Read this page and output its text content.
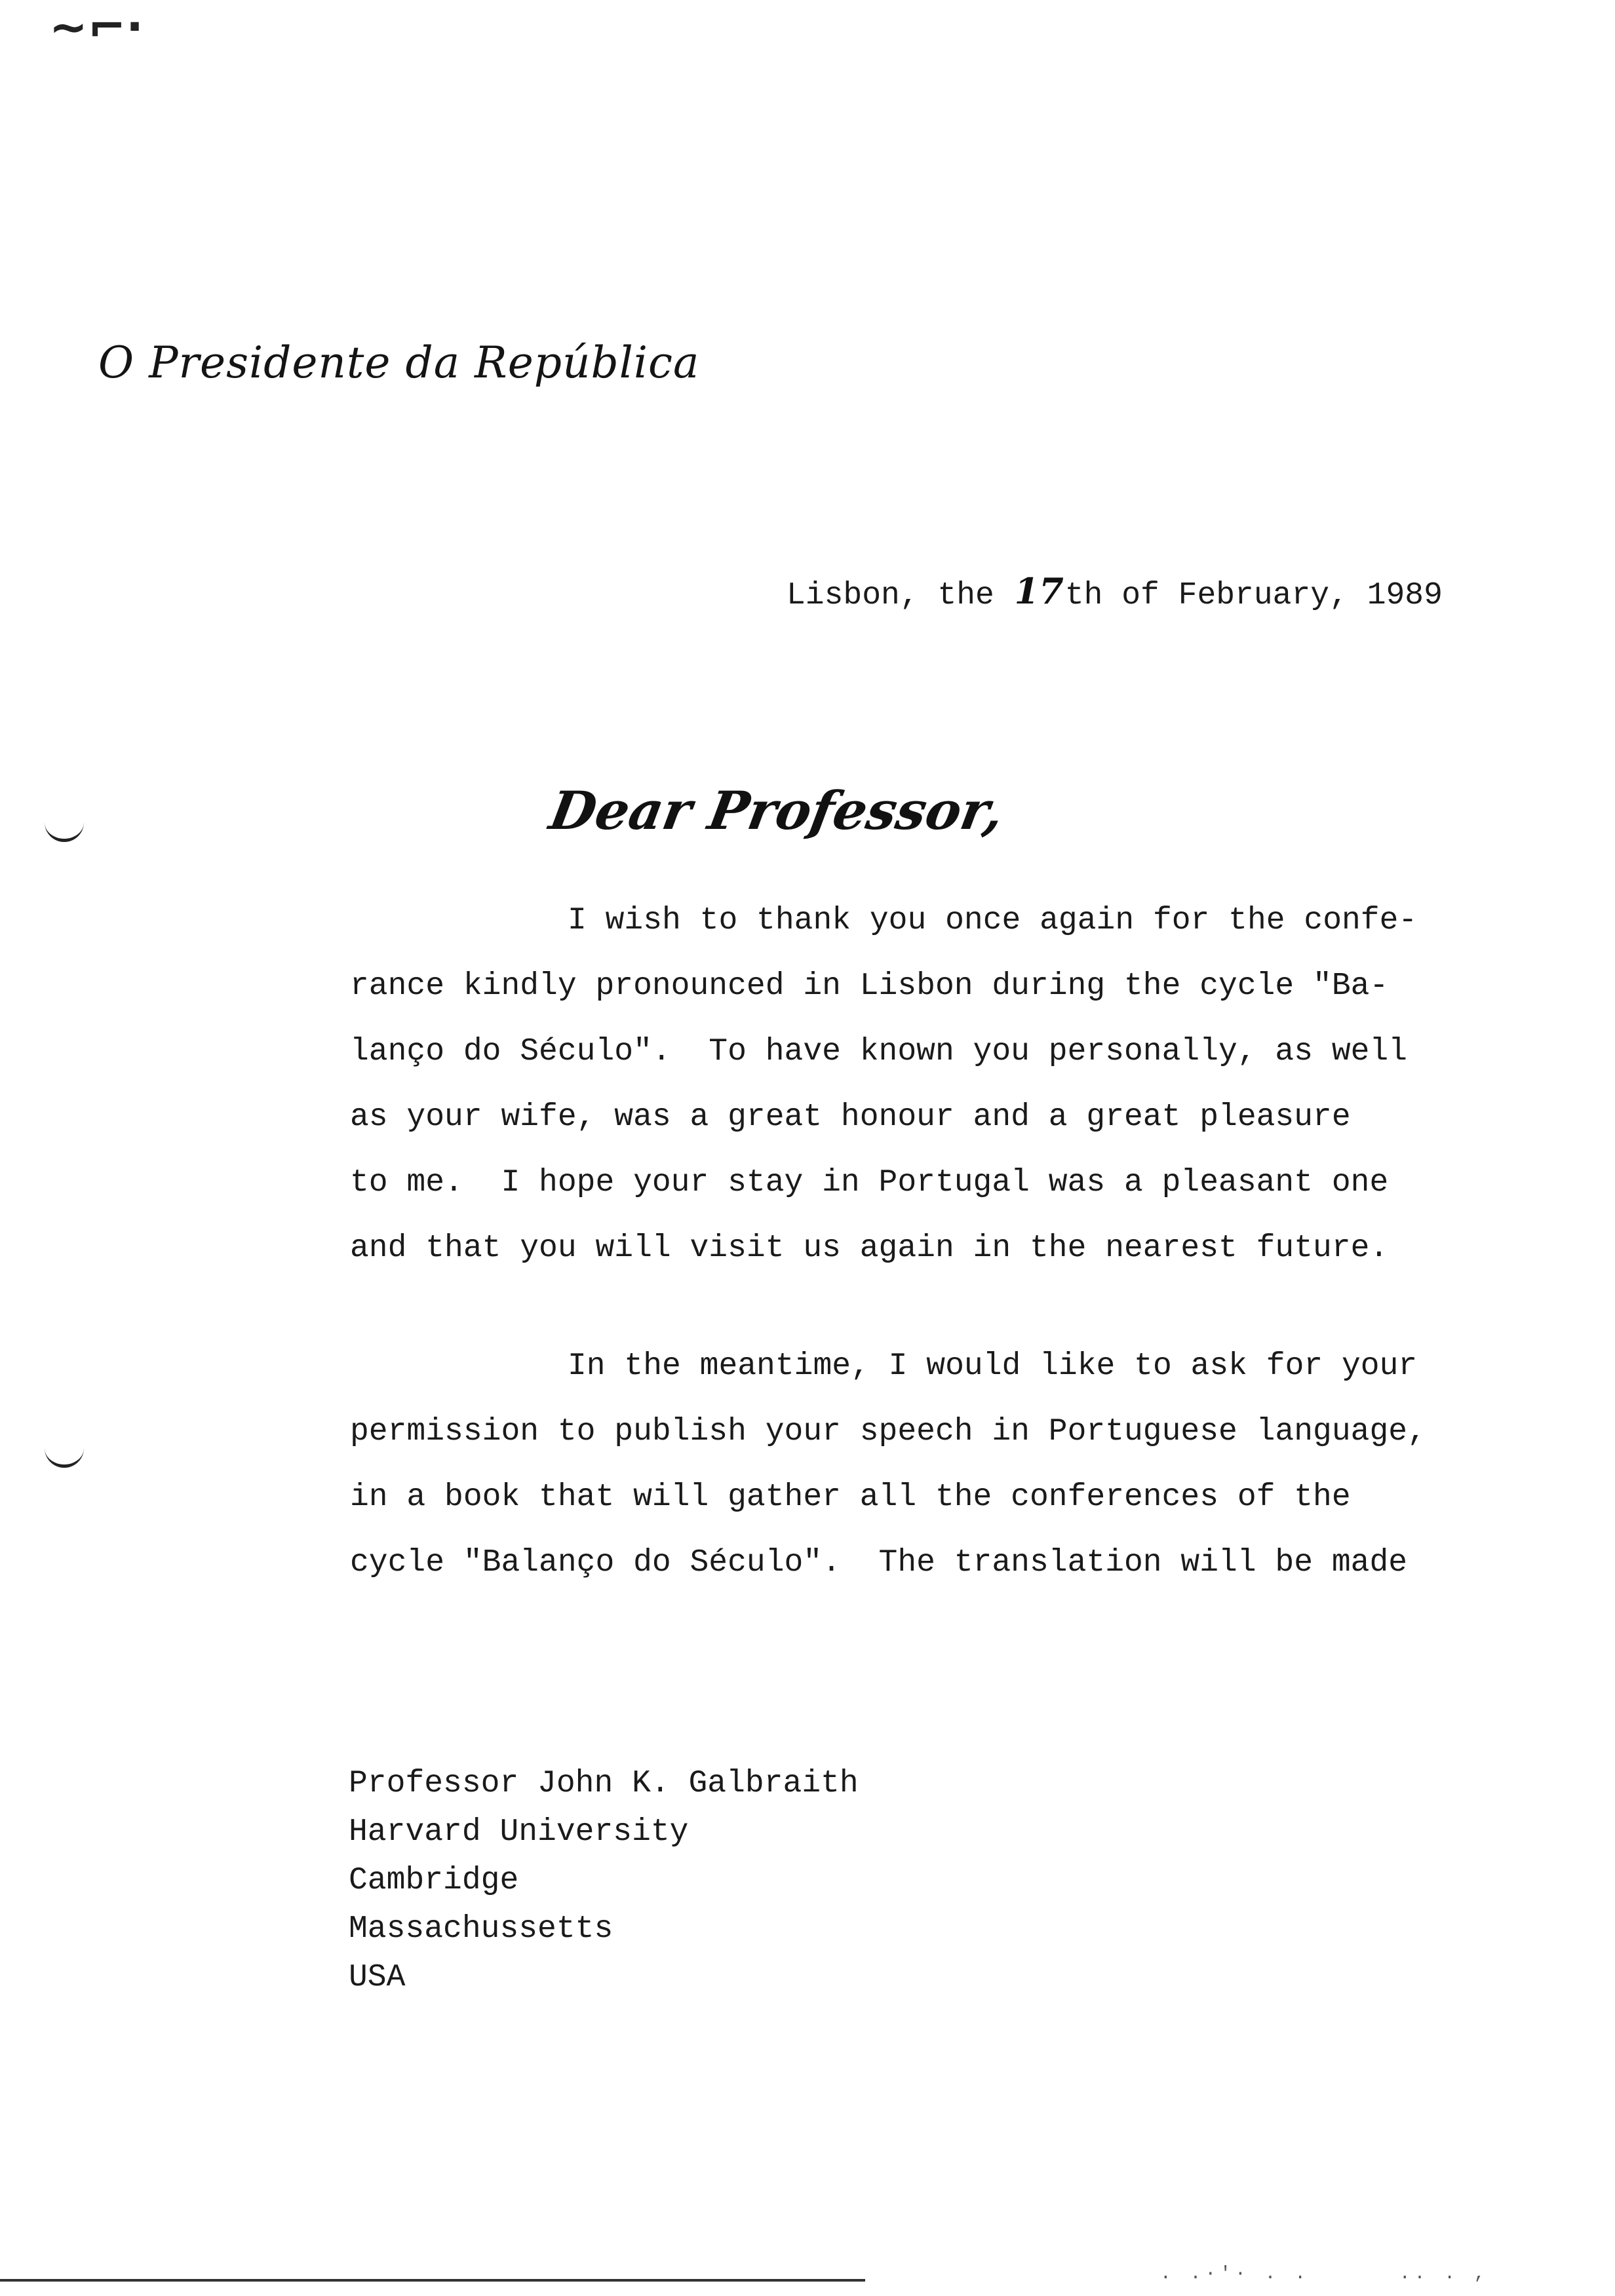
~⌐·
O Presidente da República
Lisbon, the 17th of February, 1989
Dear Professor,
I wish to thank you once again for the confe-
rance kindly pronounced in Lisbon during the cycle "Ba-
lanço do Século".  To have known you personally, as well
as your wife, was a great honour and a great pleasure
to me.  I hope your stay in Portugal was a pleasant one
and that you will visit us again in the nearest future.
In the meantime, I would like to ask for your
permission to publish your speech in Portuguese language,
in a book that will gather all the conferences of the
cycle "Balanço do Século".  The translation will be made
Professor John K. Galbraith
Harvard University
Cambridge
Massachussetts
USA
. .·'· . .      .. . ,
